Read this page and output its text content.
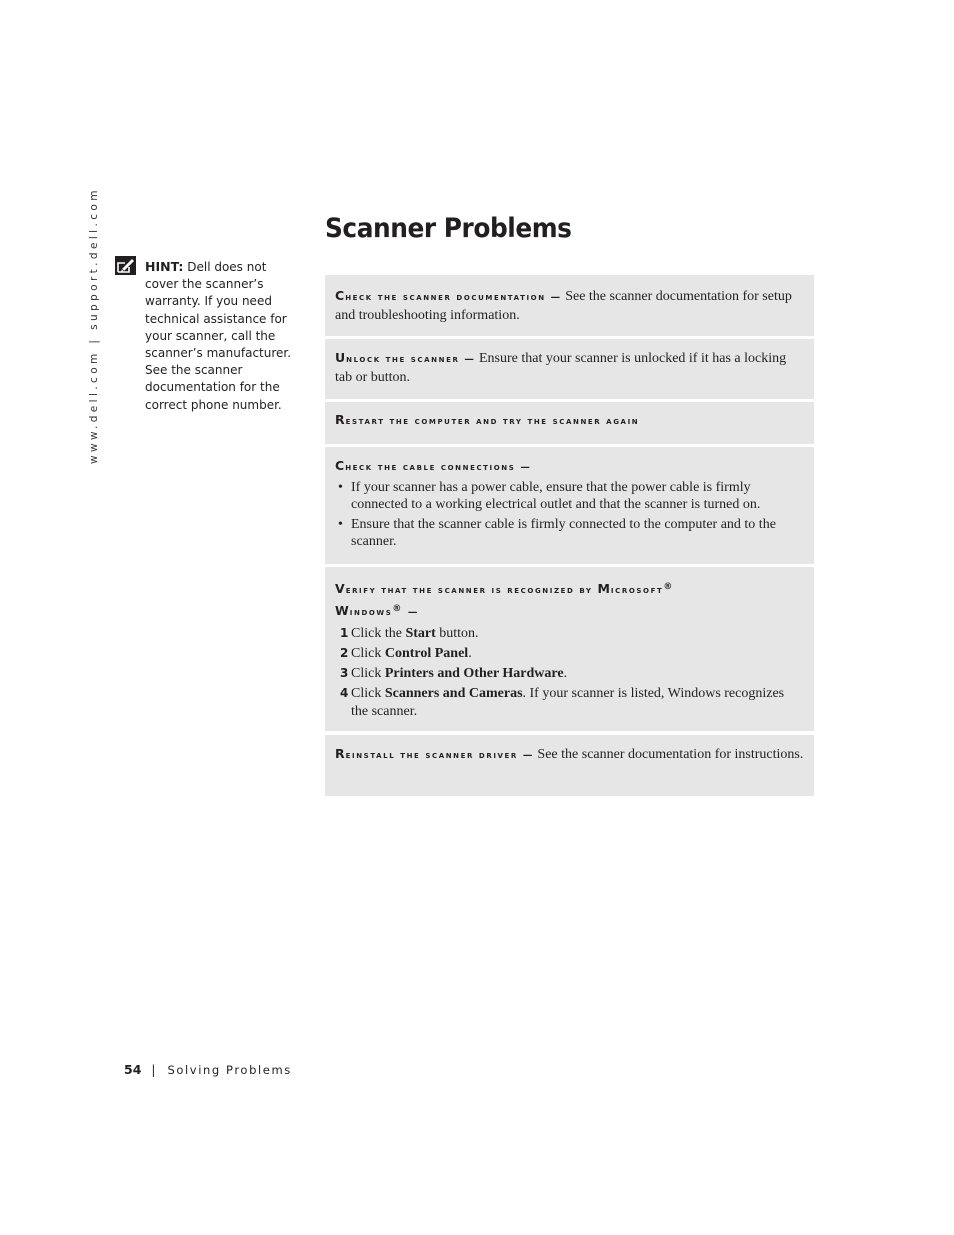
www.dell.com | support.dell.com	HINT: Dell does not cover the scanner’s warranty. If you need technical assistance for your scanner, call the scanner’s manufacturer. See the scanner documentation for the correct phone number.
Scanner Problems
Check the scanner documentation — See the scanner documentation for setup and troubleshooting information.
Unlock the scanner — Ensure that your scanner is unlocked if it has a locking tab or button.
Restart the computer and try the scanner again
Check the cable connections —
• If your scanner has a power cable, ensure that the power cable is firmly connected to a working electrical outlet and that the scanner is turned on.
• Ensure that the scanner cable is firmly connected to the computer and to the scanner.
Verify that the scanner is recognized by Microsoft®
Windows® —
1 Click the Start button.
2 Click Control Panel.
3 Click Printers and Other Hardware.
4 Click Scanners and Cameras. If your scanner is listed, Windows recognizes the scanner.
Reinstall the scanner driver — See the scanner documentation for instructions.
54 | Solving Problems
